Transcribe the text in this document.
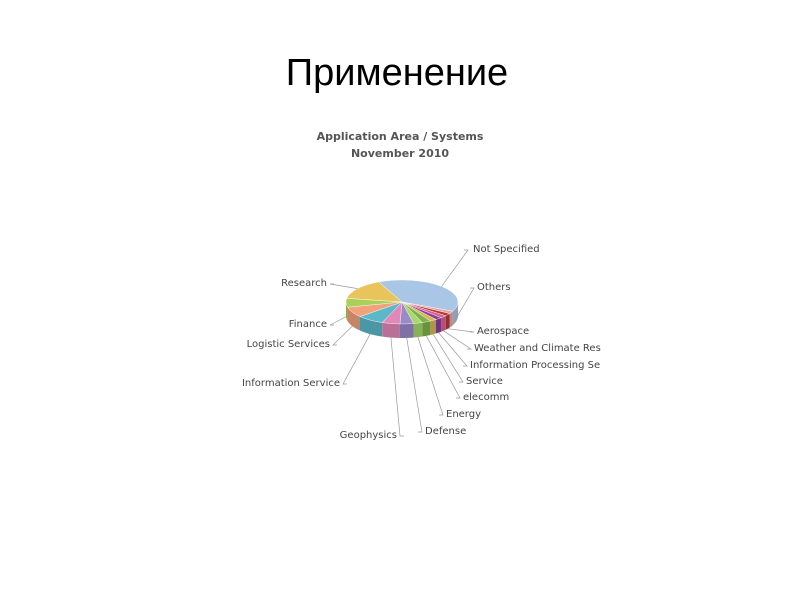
Применение
Application Area / Systems
November 2010
Not Specified
Others
Aerospace
Weather and Climate Res
Information Processing Se
Service
elecomm
Energy
Defense
Geophysics
Information Service
Logistic Services
Finance
Research
